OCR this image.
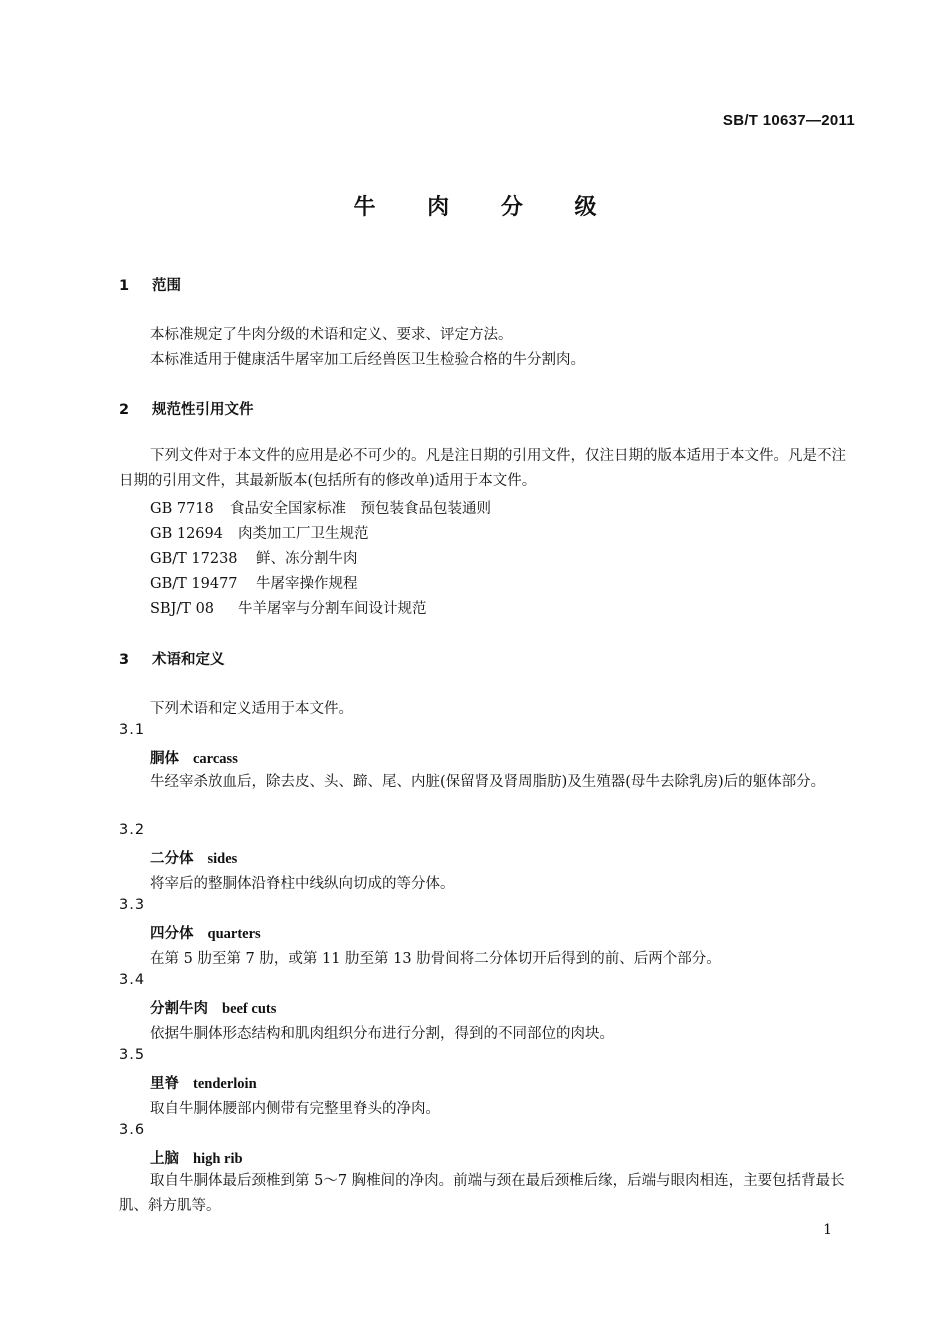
SB/T 10637—2011
牛 肉 分 级
1 范围
本标准规定了牛肉分级的术语和定义、要求、评定方法。
本标准适用于健康活牛屠宰加工后经兽医卫生检验合格的牛分割肉。
2 规范性引用文件
下列文件对于本文件的应用是必不可少的。凡是注日期的引用文件，仅注日期的版本适用于本文件。凡是不注日期的引用文件，其最新版本(包括所有的修改单)适用于本文件。
GB 7718 食品安全国家标准　预包装食品包装通则
GB 12694 肉类加工厂卫生规范
GB/T 17238 鲜、冻分割牛肉
GB/T 19477 牛屠宰操作规程
SBJ/T 08 牛羊屠宰与分割车间设计规范
3 术语和定义
下列术语和定义适用于本文件。
3.1
胴体 carcass
牛经宰杀放血后，除去皮、头、蹄、尾、内脏(保留肾及肾周脂肪)及生殖器(母牛去除乳房)后的躯体部分。
3.2
二分体 sides
将宰后的整胴体沿脊柱中线纵向切成的等分体。
3.3
四分体 quarters
在第 5 肋至第 7 肋，或第 11 肋至第 13 肋骨间将二分体切开后得到的前、后两个部分。
3.4
分割牛肉 beef cuts
依据牛胴体形态结构和肌肉组织分布进行分割，得到的不同部位的肉块。
3.5
里脊 tenderloin
取自牛胴体腰部内侧带有完整里脊头的净肉。
3.6
上脑 high rib
取自牛胴体最后颈椎到第 5～7 胸椎间的净肉。前端与颈在最后颈椎后缘，后端与眼肉相连，主要包括背最长肌、斜方肌等。
1
